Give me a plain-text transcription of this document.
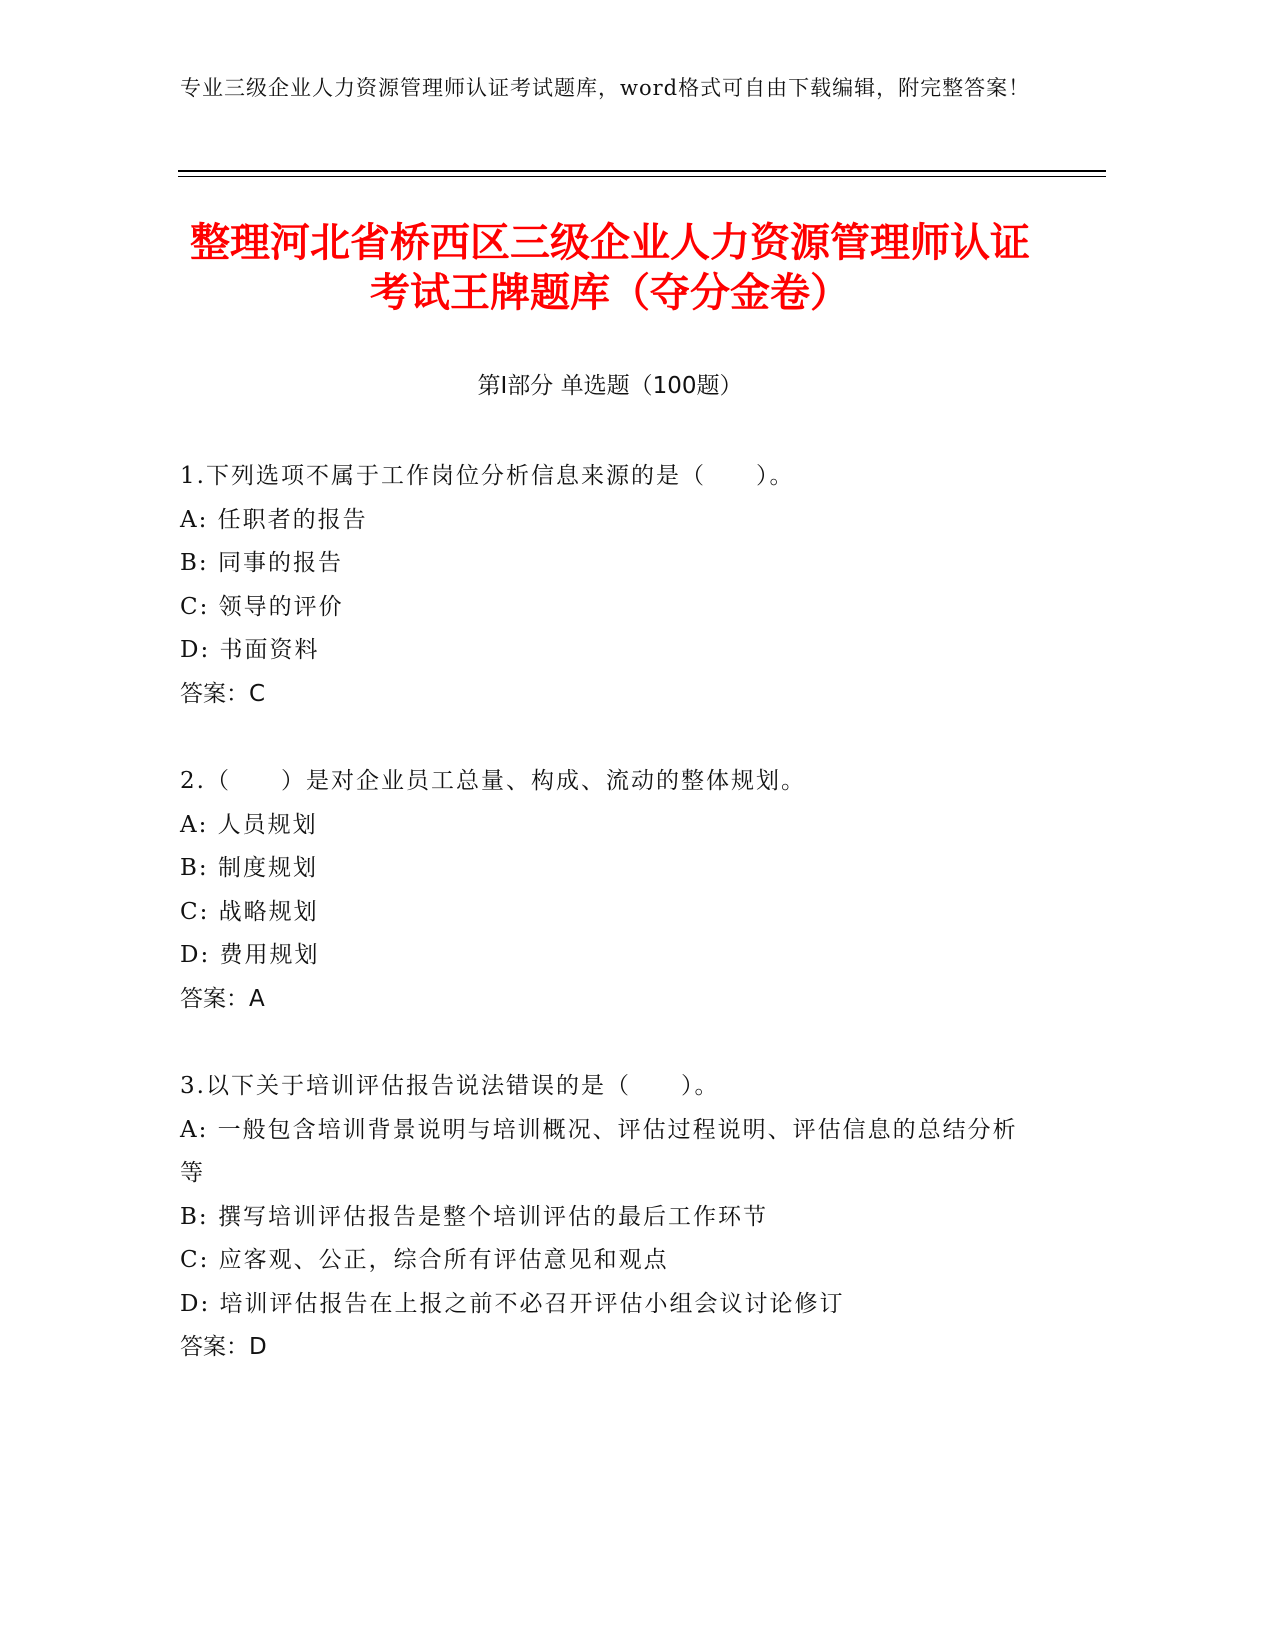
专业三级企业人力资源管理师认证考试题库，word格式可自由下载编辑，附完整答案！
整理河北省桥西区三级企业人力资源管理师认证考试王牌题库（夺分金卷）
第I部分 单选题（100题）
1.下列选项不属于工作岗位分析信息来源的是（　　）。
A: 任职者的报告
B: 同事的报告
C: 领导的评价
D: 书面资料
答案：C
2.（　　）是对企业员工总量、构成、流动的整体规划。
A: 人员规划
B: 制度规划
C: 战略规划
D: 费用规划
答案：A
3.以下关于培训评估报告说法错误的是（　　）。
A: 一般包含培训背景说明与培训概况、评估过程说明、评估信息的总结分析等
B: 撰写培训评估报告是整个培训评估的最后工作环节
C: 应客观、公正，综合所有评估意见和观点
D: 培训评估报告在上报之前不必召开评估小组会议讨论修订
答案：D
